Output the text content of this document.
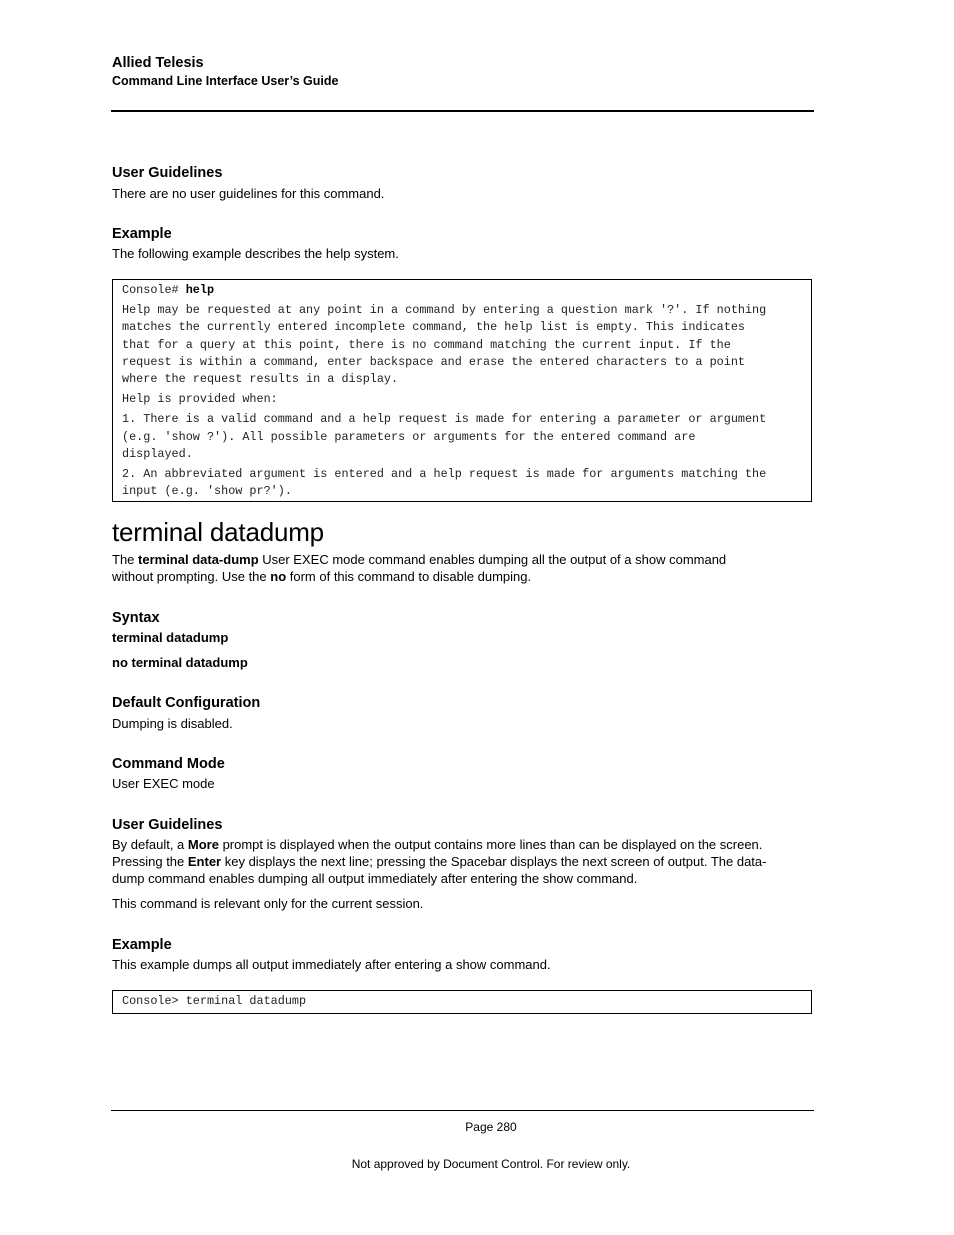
Allied Telesis
Command Line Interface User’s Guide
User Guidelines
There are no user guidelines for this command.
Example
The following example describes the help system.
Console# help
Help may be requested at any point in a command by entering a question mark '?'. If nothing
matches the currently entered incomplete command, the help list is empty. This indicates
that for a query at this point, there is no command matching the current input. If the
request is within a command, enter backspace and erase the entered characters to a point
where the request results in a display.
Help is provided when:
1. There is a valid command and a help request is made for entering a parameter or argument
(e.g. 'show ?'). All possible parameters or arguments for the entered command are
displayed.
2. An abbreviated argument is entered and a help request is made for arguments matching the
input (e.g. 'show pr?').
terminal datadump
The terminal data-dump User EXEC mode command enables dumping all the output of a show command
without prompting. Use the no form of this command to disable dumping.
Syntax
terminal datadump
no terminal datadump
Default Configuration
Dumping is disabled.
Command Mode
User EXEC mode
User Guidelines
By default, a More prompt is displayed when the output contains more lines than can be displayed on the screen.
Pressing the Enter key displays the next line; pressing the Spacebar displays the next screen of output. The data-
dump command enables dumping all output immediately after entering the show command.
This command is relevant only for the current session.
Example
This example dumps all output immediately after entering a show command.
Console> terminal datadump
Page 280
Not approved by Document Control. For review only.
